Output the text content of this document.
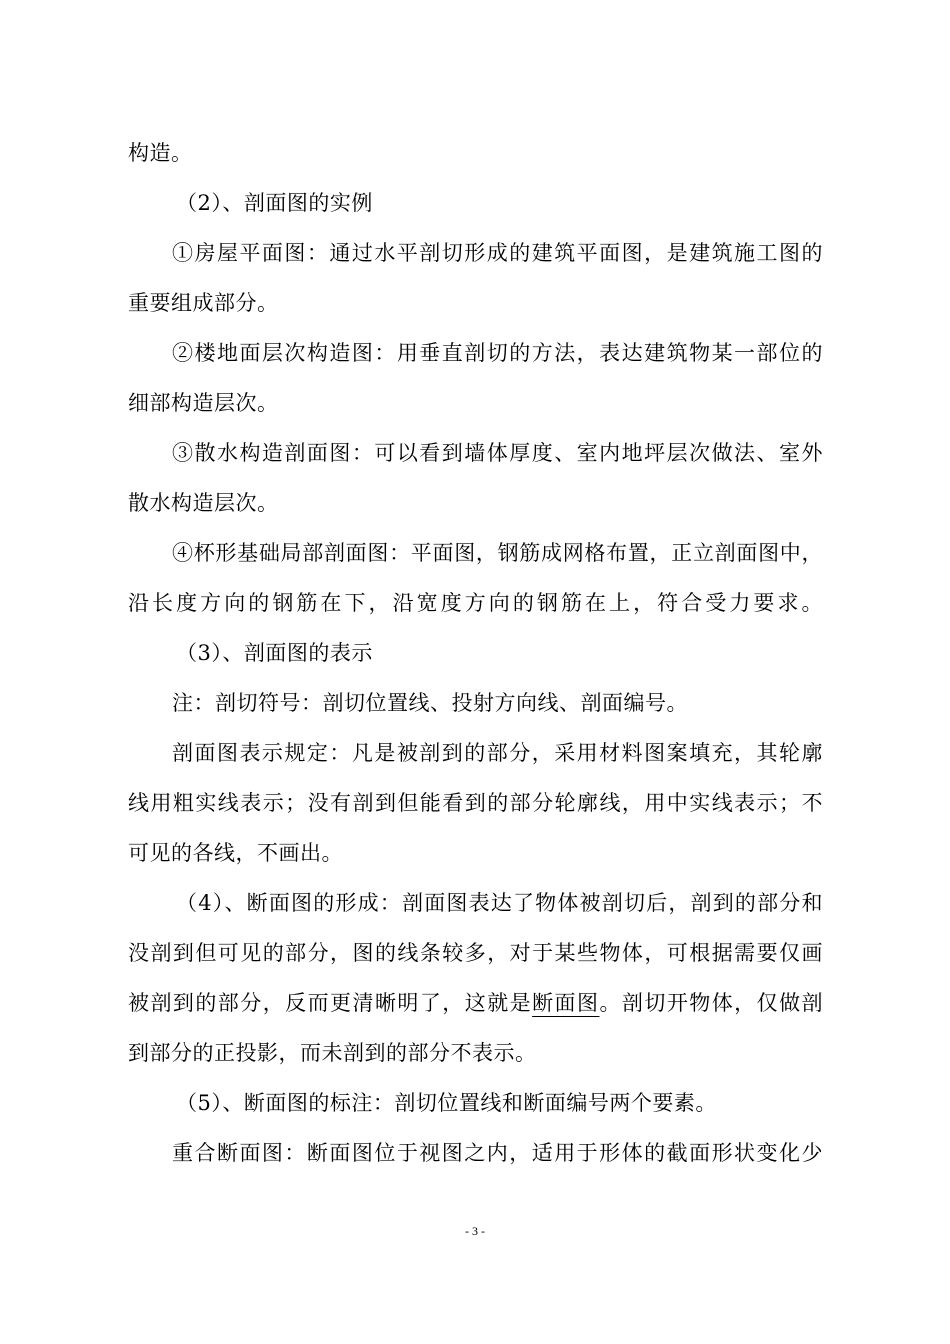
构造。
（2）、剖面图的实例
①房屋平面图：通过水平剖切形成的建筑平面图，是建筑施工图的
重要组成部分。
②楼地面层次构造图：用垂直剖切的方法，表达建筑物某一部位的
细部构造层次。
③散水构造剖面图：可以看到墙体厚度、室内地坪层次做法、室外
散水构造层次。
④杯形基础局部剖面图：平面图，钢筋成网格布置，正立剖面图中，
沿长度方向的钢筋在下，沿宽度方向的钢筋在上，符合受力要求。
（3）、剖面图的表示
注：剖切符号：剖切位置线、投射方向线、剖面编号。
剖面图表示规定：凡是被剖到的部分，采用材料图案填充，其轮廓
线用粗实线表示；没有剖到但能看到的部分轮廓线，用中实线表示；不
可见的各线，不画出。
（4）、断面图的形成：剖面图表达了物体被剖切后，剖到的部分和
没剖到但可见的部分，图的线条较多，对于某些物体，可根据需要仅画
被剖到的部分，反而更清晰明了，这就是断面图。剖切开物体，仅做剖
到部分的正投影，而未剖到的部分不表示。
（5）、断面图的标注：剖切位置线和断面编号两个要素。
重合断面图：断面图位于视图之内，适用于形体的截面形状变化少
- 3 -
